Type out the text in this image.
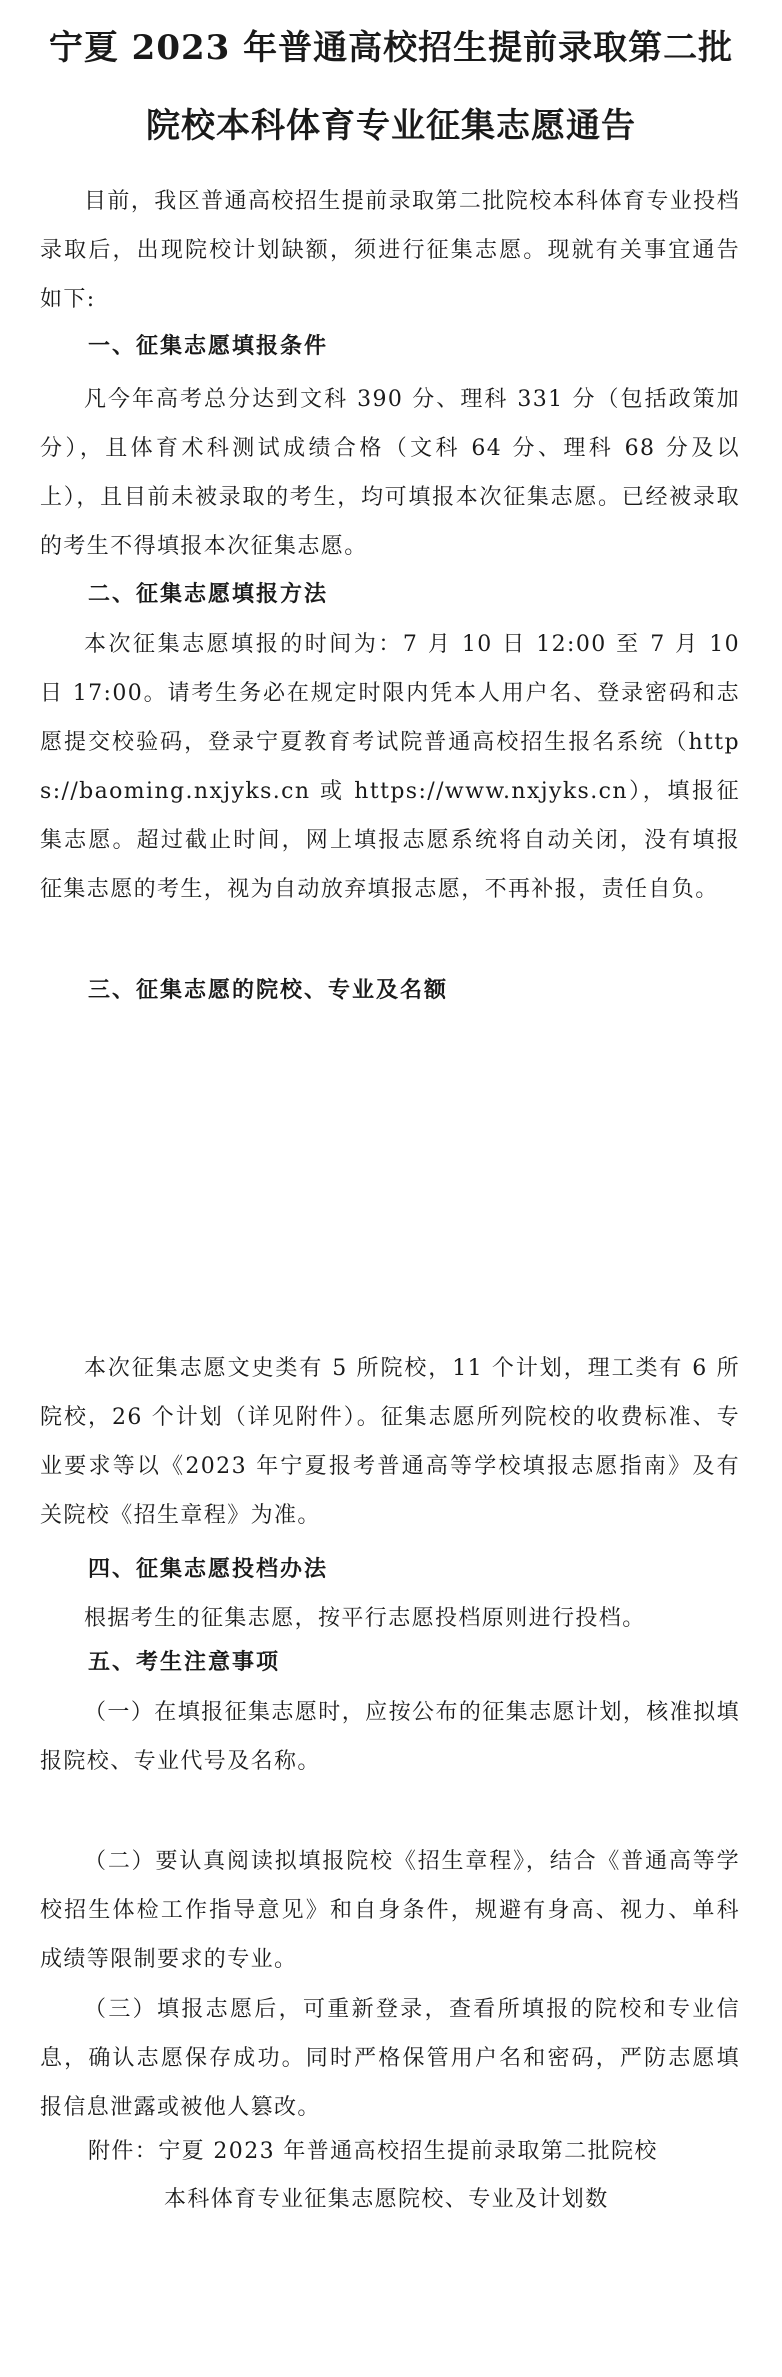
宁夏 2023 年普通高校招生提前录取第二批
院校本科体育专业征集志愿通告
目前，我区普通高校招生提前录取第二批院校本科体育专业投档录取后，出现院校计划缺额，须进行征集志愿。现就有关事宜通告如下:
一、征集志愿填报条件
凡今年高考总分达到文科 390 分、理科 331 分（包括政策加分），且体育术科测试成绩合格（文科 64 分、理科 68 分及以上），且目前未被录取的考生，均可填报本次征集志愿。已经被录取的考生不得填报本次征集志愿。
二、征集志愿填报方法
本次征集志愿填报的时间为：7 月 10 日 12:00 至 7 月 10 日 17:00。请考生务必在规定时限内凭本人用户名、登录密码和志愿提交校验码，登录宁夏教育考试院普通高校招生报名系统（https://baoming.nxjyks.cn 或 https://www.nxjyks.cn），填报征集志愿。超过截止时间，网上填报志愿系统将自动关闭，没有填报征集志愿的考生，视为自动放弃填报志愿，不再补报，责任自负。
三、征集志愿的院校、专业及名额
本次征集志愿文史类有 5 所院校，11 个计划，理工类有 6 所院校，26 个计划（详见附件）。征集志愿所列院校的收费标准、专业要求等以《2023 年宁夏报考普通高等学校填报志愿指南》及有关院校《招生章程》为准。
四、征集志愿投档办法
根据考生的征集志愿，按平行志愿投档原则进行投档。
五、考生注意事项
（一）在填报征集志愿时，应按公布的征集志愿计划，核准拟填报院校、专业代号及名称。
（二）要认真阅读拟填报院校《招生章程》，结合《普通高等学校招生体检工作指导意见》和自身条件，规避有身高、视力、单科成绩等限制要求的专业。
（三）填报志愿后，可重新登录，查看所填报的院校和专业信息，确认志愿保存成功。同时严格保管用户名和密码，严防志愿填报信息泄露或被他人篡改。
附件：宁夏 2023 年普通高校招生提前录取第二批院校
本科体育专业征集志愿院校、专业及计划数
